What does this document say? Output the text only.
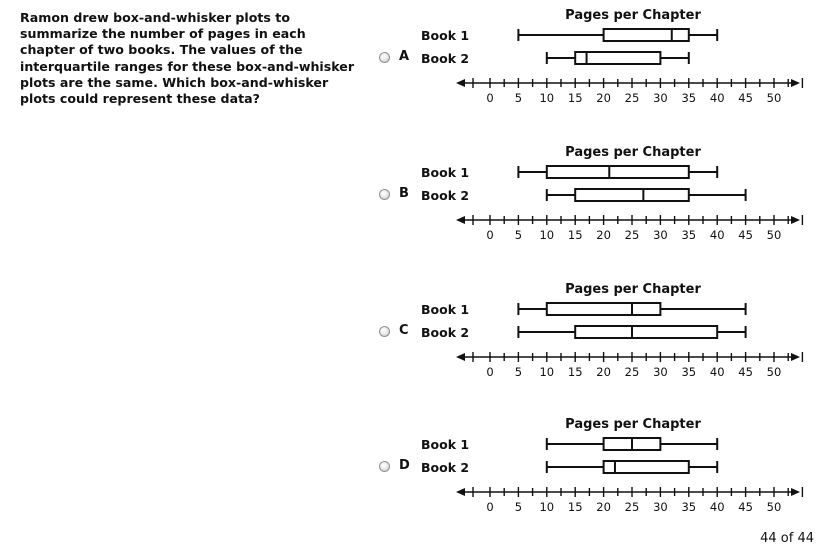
Ramon drew box-and-whisker plots to
summarize the number of pages in each
chapter of two books. The values of the
interquartile ranges for these box-and-whisker
plots are the same. Which box-and-whisker
plots could represent these data?
A
Pages per Chapter
Book 1
Book 2
0 5 10 15 20 25 30 35 40 45 50
B
Pages per Chapter
Book 1
Book 2
0 5 10 15 20 25 30 35 40 45 50
C
Pages per Chapter
Book 1
Book 2
0 5 10 15 20 25 30 35 40 45 50
D
Pages per Chapter
Book 1
Book 2
0 5 10 15 20 25 30 35 40 45 50
44 of 44
